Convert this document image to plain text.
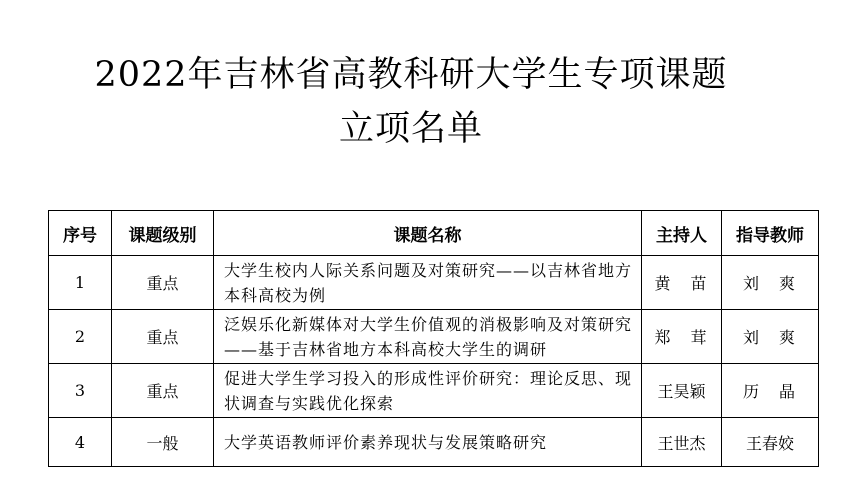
2022年吉林省高教科研大学生专项课题
立项名单
序号	课题级别	课题名称	主持人	指导教师
1	重点	大学生校内人际关系问题及对策研究——以吉林省地方本科高校为例	黄　苗	刘　爽
2	重点	泛娱乐化新媒体对大学生价值观的消极影响及对策研究——基于吉林省地方本科高校大学生的调研	郑　茸	刘　爽
3	重点	促进大学生学习投入的形成性评价研究：理论反思、现状调查与实践优化探索	王昊颖	历　晶
4	一般	大学英语教师评价素养现状与发展策略研究	王世杰	王春姣
